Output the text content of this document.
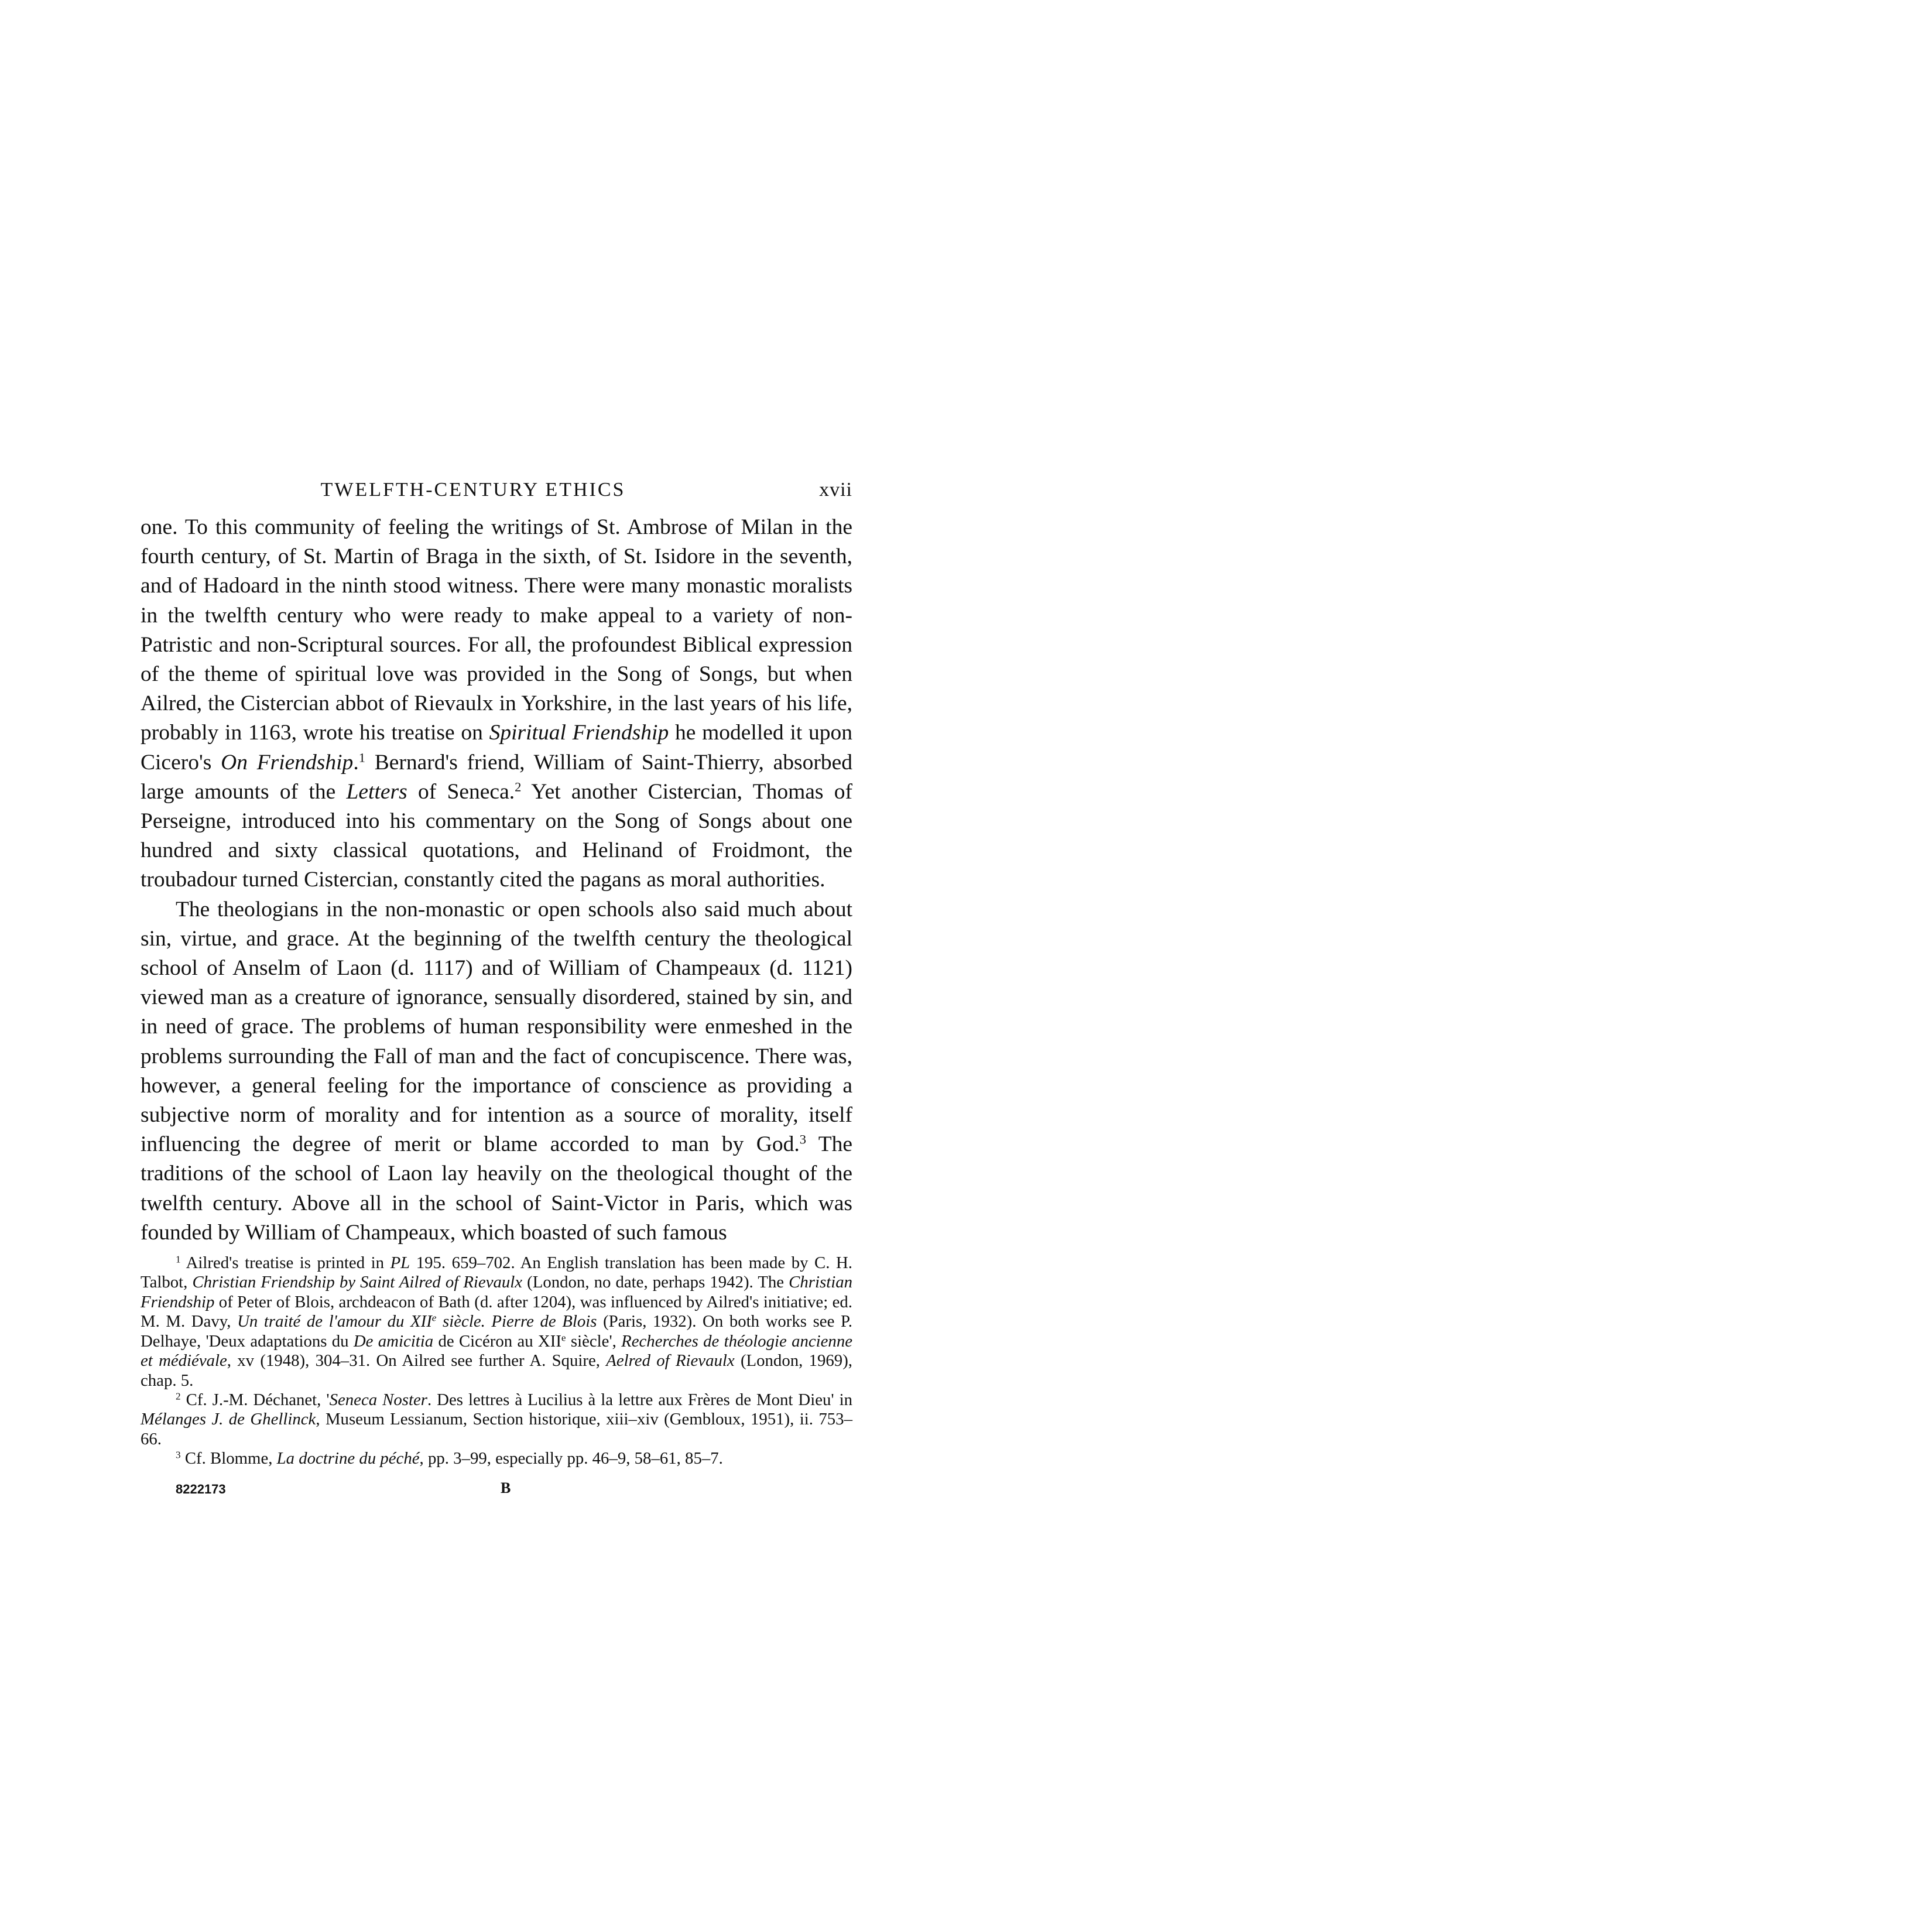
TWELFTH-CENTURY ETHICS	xvii

one. To this community of feeling the writings of St. Ambrose of Milan in the fourth century, of St. Martin of Braga in the sixth, of St. Isidore in the seventh, and of Hadoard in the ninth stood witness. There were many monastic moralists in the twelfth century who were ready to make appeal to a variety of non-Patristic and non-Scriptural sources. For all, the profoundest Biblical expression of the theme of spiritual love was provided in the Song of Songs, but when Ailred, the Cistercian abbot of Rievaulx in Yorkshire, in the last years of his life, probably in 1163, wrote his treatise on Spiritual Friendship he modelled it upon Cicero's On Friendship.$^1$ Bernard's friend, William of Saint-Thierry, absorbed large amounts of the Letters of Seneca.$^2$ Yet another Cistercian, Thomas of Perseigne, introduced into his commentary on the Song of Songs about one hundred and sixty classical quotations, and Helinand of Froidmont, the troubadour turned Cistercian, constantly cited the pagans as moral authorities.

The theologians in the non-monastic or open schools also said much about sin, virtue, and grace. At the beginning of the twelfth century the theological school of Anselm of Laon (d. 1117) and of William of Champeaux (d. 1121) viewed man as a creature of ignorance, sensually disordered, stained by sin, and in need of grace. The problems of human responsibility were enmeshed in the problems surrounding the Fall of man and the fact of concupiscence. There was, however, a general feeling for the importance of conscience as providing a subjective norm of morality and for intention as a source of morality, itself influencing the degree of merit or blame accorded to man by God.$^3$ The traditions of the school of Laon lay heavily on the theological thought of the twelfth century. Above all in the school of Saint-Victor in Paris, which was founded by William of Champeaux, which boasted of such famous

$^1$ Ailred's treatise is printed in PL 195. 659–702. An English translation has been made by C. H. Talbot, Christian Friendship by Saint Ailred of Rievaulx (London, no date, perhaps 1942). The Christian Friendship of Peter of Blois, archdeacon of Bath (d. after 1204), was influenced by Ailred's initiative; ed. M. M. Davy, Un traité de l'amour du XIIe siècle. Pierre de Blois (Paris, 1932). On both works see P. Delhaye, 'Deux adaptations du De amicitia de Cicéron au XIIe siècle', Recherches de théologie ancienne et médiévale, xv (1948), 304–31. On Ailred see further A. Squire, Aelred of Rievaulx (London, 1969), chap. 5.

$^2$ Cf. J.-M. Déchanet, 'Seneca Noster. Des lettres à Lucilius à la lettre aux Frères de Mont Dieu' in Mélanges J. de Ghellinck, Museum Lessianum, Section historique, xiii–xiv (Gembloux, 1951), ii. 753–66.

$^3$ Cf. Blomme, La doctrine du péché, pp. 3–99, especially pp. 46–9, 58–61, 85–7.

8222173	B
